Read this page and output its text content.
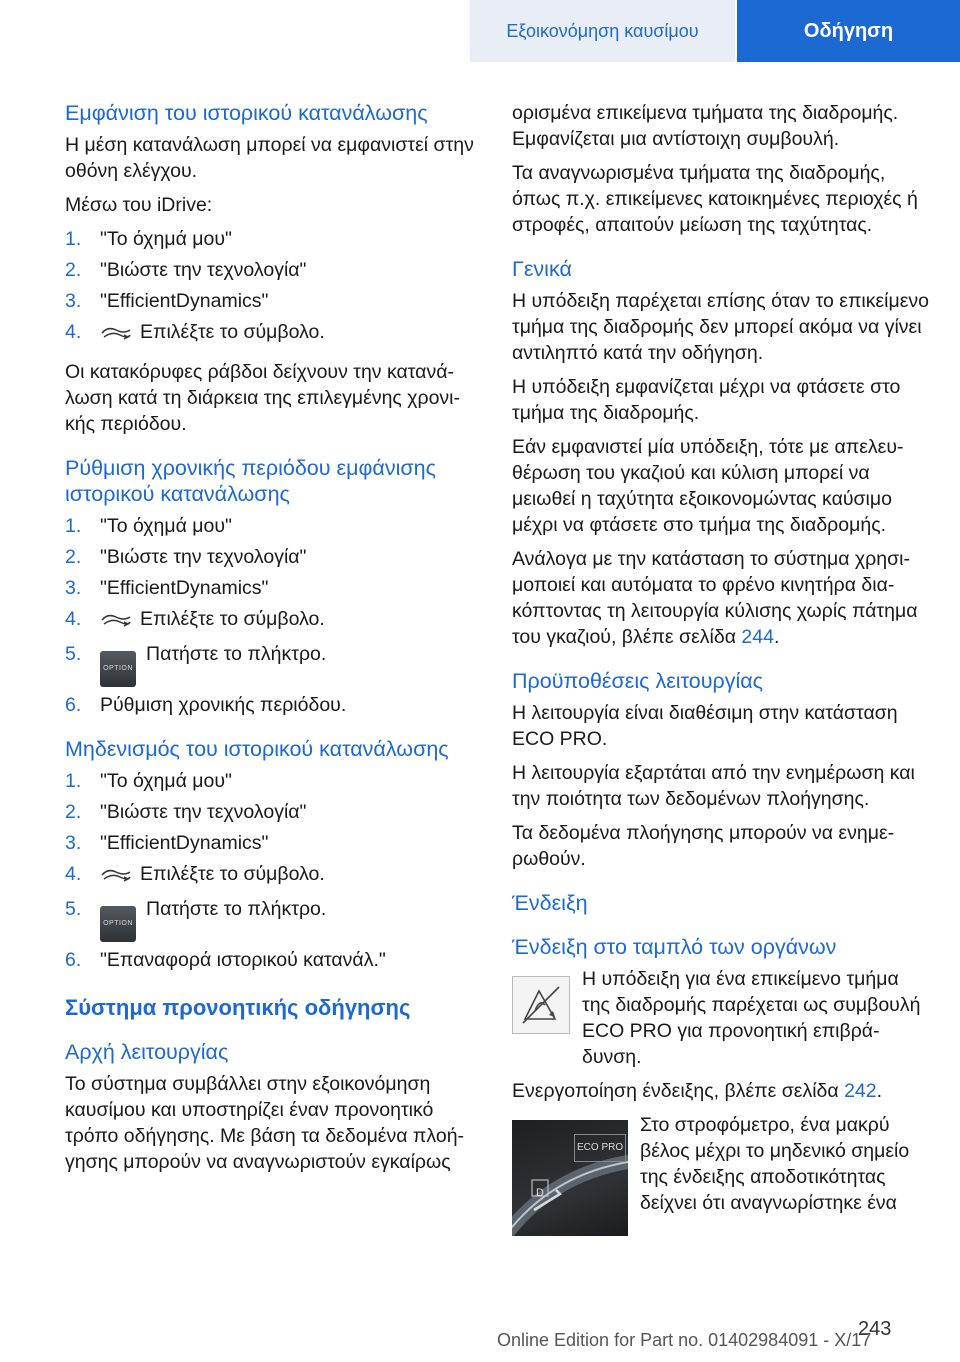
Εξοικονόμηση καυσίμου	Οδήγηση
Εμφάνιση του ιστορικού κατανάλωσης

Η μέση κατανάλωση μπορεί να εμφανιστεί στην οθόνη ελέγχου.

Μέσω του iDrive:

1. "Το όχημά μου"
2. "Βιώστε την τεχνολογία"
3. "EfficientDynamics"
4.	Επιλέξτε το σύμβολο.

Οι κατακόρυφες ράβδοι δείχνουν την κατανάλωση κατά τη διάρκεια της επιλεγμένης χρονικής περιόδου.

Ρύθμιση χρονικής περιόδου εμφάνισης ιστορικού κατανάλωσης
1. "Το όχημά μου"
2. "Βιώστε την τεχνολογία"
3. "EfficientDynamics"
4.	Επιλέξτε το σύμβολο.
5.
OPTIONΠατήστε το πλήκτρο.
6. Ρύθμιση χρονικής περιόδου.
Μηδενισμός του ιστορικού κατανάλωσης
1. "Το όχημά μου"
2. "Βιώστε την τεχνολογία"
3. "EfficientDynamics"
4.	Επιλέξτε το σύμβολο.
5.
OPTIONΠατήστε το πλήκτρο.
6. "Επαναφορά ιστορικού κατανάλ."
Σύστημα προνοητικής οδήγησης
Αρχή λειτουργίας

Το σύστημα συμβάλλει στην εξοικονόμηση καυσίμου και υποστηρίζει έναν προνοητικό τρόπο οδήγησης. Με βάση τα δεδομένα πλοήγησης μπορούν να αναγνωριστούν εγκαίρως

ορισμένα επικείμενα τμήματα της διαδρομής. Εμφανίζεται μια αντίστοιχη συμβουλή.

Τα αναγνωρισμένα τμήματα της διαδρομής, όπως π.χ. επικείμενες κατοικημένες περιοχές ή στροφές, απαιτούν μείωση της ταχύτητας.

Γενικά

Η υπόδειξη παρέχεται επίσης όταν το επικείμενο τμήμα της διαδρομής δεν μπορεί ακόμα να γίνει αντιληπτό κατά την οδήγηση.

Η υπόδειξη εμφανίζεται μέχρι να φτάσετε στο τμήμα της διαδρομής.

Εάν εμφανιστεί μία υπόδειξη, τότε με απελευθέρωση του γκαζιού και κύλιση μπορεί να μειωθεί η ταχύτητα εξοικονομώντας καύσιμο μέχρι να φτάσετε στο τμήμα της διαδρομής.

Ανάλογα με την κατάσταση το σύστημα χρησιμοποιεί και αυτόματα το φρένο κινητήρα διακόπτοντας τη λειτουργία κύλισης χωρίς πάτημα του γκαζιού, βλέπε σελίδα 244.

Προϋποθέσεις λειτουργίας

Η λειτουργία είναι διαθέσιμη στην κατάσταση ECO PRO.

Η λειτουργία εξαρτάται από την ενημέρωση και την ποιότητα των δεδομένων πλοήγησης.

Τα δεδομένα πλοήγησης μπορούν να ενημερωθούν.

Ένδειξη
Ένδειξη στο ταμπλό των οργάνων

Η υπόδειξη για ένα επικείμενο τμήμα της διαδρομής παρέχεται ως συμβουλή ECO PRO για προνοητική επιβράδυνση.

Ενεργοποίηση ένδειξης, βλέπε σελίδα 242.

D
ECO PRO

Στο στροφόμετρο, ένα μακρύ βέλος μέχρι το μηδενικό σημείο της ένδειξης αποδοτικότητας δείχνει ότι αναγνωρίστηκε ένα

243
Online Edition for Part no. 01402984091 - X/17
